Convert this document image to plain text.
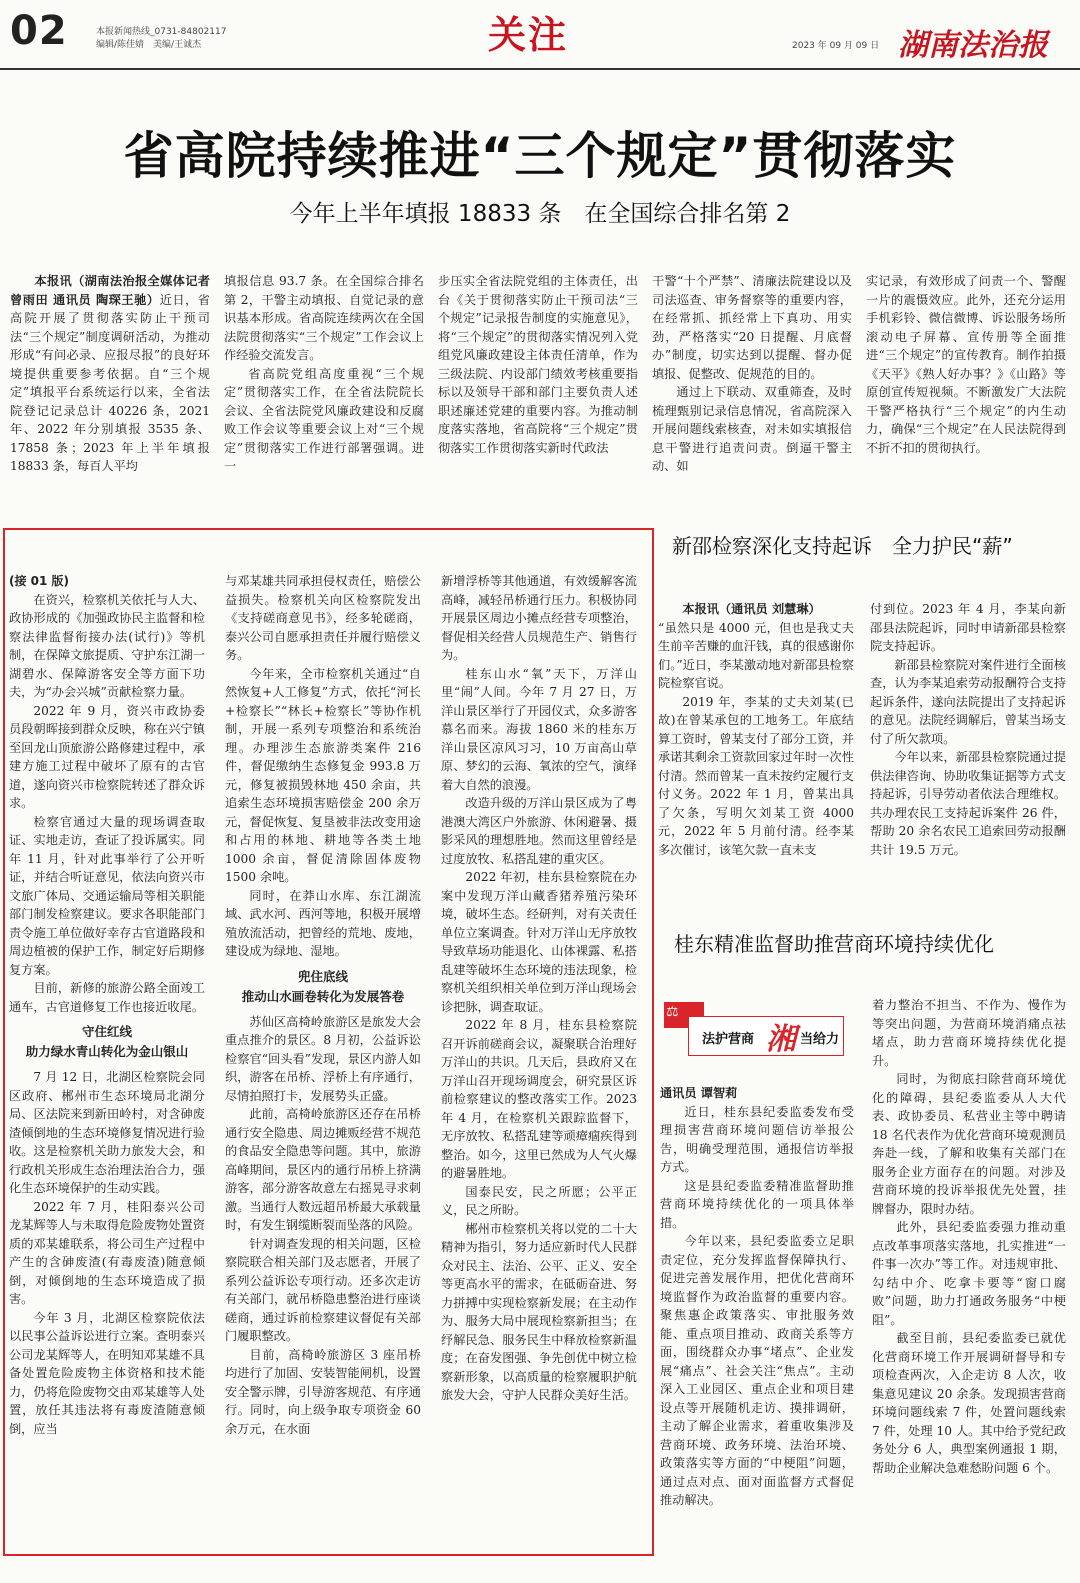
02	本报新闻热线_0731-84802117
编辑/陈佳婧　美编/王诚杰	关注	2023 年 09 月 09 日 湖南法治报
省高院持续推进“三个规定”贯彻落实
今年上半年填报 18833 条　在全国综合排名第 2

本报讯（湖南法治报全媒体记者 曾雨田 通讯员 陶琛王驰）近日，省高院开展了贯彻落实防止干预司法“三个规定”制度调研活动，为推动形成“有问必录、应报尽报”的良好环境提供重要参考依据。自“三个规定”填报平台系统运行以来，全省法院登记记录总计 40226 条，2021 年、2022 年分别填报 3535 条、17858 条；2023 年上半年填报 18833 条，每百人平均

填报信息 93.7 条。在全国综合排名第 2，干警主动填报、自觉记录的意识基本形成。省高院连续两次在全国法院贯彻落实“三个规定”工作会议上作经验交流发言。

省高院党组高度重视“三个规定”贯彻落实工作，在全省法院院长会议、全省法院党风廉政建设和反腐败工作会议等重要会议上对“三个规定”贯彻落实工作进行部署强调。进一

步压实全省法院党组的主体责任，出台《关于贯彻落实防止干预司法“三个规定”记录报告制度的实施意见》，将“三个规定”的贯彻落实情况列入党组党风廉政建设主体责任清单，作为三级法院、内设部门绩效考核重要指标以及领导干部和部门主要负责人述职述廉述党建的重要内容。为推动制度落实落地，省高院将“三个规定”贯彻落实工作贯彻落实新时代政法

干警“十个严禁”、清廉法院建设以及司法巡查、审务督察等的重要内容，在经常抓、抓经常上下真功、用实劲，严格落实“20 日提醒、月底督办”制度，切实达到以提醒、督办促填报、促整改、促规范的目的。

通过上下联动、双重筛查，及时梳理甄别记录信息情况，省高院深入开展问题线索核查，对未如实填报信息干警进行追责问责。倒逼干警主动、如

实记录，有效形成了问责一个、警醒一片的震慑效应。此外，还充分运用手机彩铃、微信微博、诉讼服务场所滚动电子屏幕、宣传册等全面推进“三个规定”的宣传教育。制作拍摄《天平》《熟人好办事？》《山路》等原创宣传短视频。不断激发广大法院干警严格执行“三个规定”的内生动力，确保“三个规定”在人民法院得到不折不扣的贯彻执行。

(接 01 版)

在资兴，检察机关依托与人大、政协形成的《加强政协民主监督和检察法律监督衔接办法(试行)》等机制，在保障文旅提质、守护东江湖一湖碧水、保障游客安全等方面下功夫，为“办会兴城”贡献检察力量。

2022 年 9 月，资兴市政协委员段朝晖接到群众反映，称在兴宁镇至回龙山顶旅游公路修建过程中，承建方施工过程中破坏了原有的古官道，遂向资兴市检察院转述了群众诉求。

检察官通过大量的现场调查取证、实地走访，查证了投诉属实。同年 11 月，针对此事举行了公开听证，并结合听证意见，依法向资兴市文旅广体局、交通运输局等相关职能部门制发检察建议。要求各职能部门责令施工单位做好幸存古官道路段和周边植被的保护工作，制定好后期修复方案。

目前，新修的旅游公路全面竣工通车，古官道修复工作也接近收尾。

守住红线

助力绿水青山转化为金山银山

7 月 12 日，北湖区检察院会同区政府、郴州市生态环境局北湖分局、区法院来到新田岭村，对含砷废渣倾倒地的生态环境修复情况进行验收。这是检察机关助力旅发大会，和行政机关形成生态治理法治合力，强化生态环境保护的生动实践。

2022 年 7 月，桂阳泰兴公司龙某辉等人与未取得危险废物处置资质的邓某雄联系，将公司生产过程中产生的含砷废渣(有毒废渣)随意倾倒，对倾倒地的生态环境造成了损害。

今年 3 月，北湖区检察院依法以民事公益诉讼进行立案。查明泰兴公司龙某辉等人，在明知邓某雄不具备处置危险废物主体资格和技术能力，仍将危险废物交由邓某雄等人处置，放任其违法将有毒废渣随意倾倒，应当

与邓某雄共同承担侵权责任，赔偿公益损失。检察机关向区检察院发出《支持磋商意见书》，经多轮磋商，泰兴公司自愿承担责任并履行赔偿义务。

今年来，全市检察机关通过“自然恢复+人工修复”方式，依托“河长+检察长”“林长+检察长”等协作机制，开展一系列专项整治和系统治理。办理涉生态旅游类案件 216 件，督促缴纳生态修复金 993.8 万元，修复被损毁林地 450 余亩，共追索生态环境损害赔偿金 200 余万元，督促恢复、复垦被非法改变用途和占用的林地、耕地等各类土地 1000 余亩，督促清除固体废物 1500 余吨。

同时，在莽山水库、东江湖流域、武水河、西河等地，积极开展增殖放流活动，把曾经的荒地、废地，建设成为绿地、湿地。

兜住底线

推动山水画卷转化为发展答卷

苏仙区高椅岭旅游区是旅发大会重点推介的景区。8 月初，公益诉讼检察官“回头看”发现，景区内游人如织，游客在吊桥、浮桥上有序通行，尽情拍照打卡，发展势头正盛。

此前，高椅岭旅游区还存在吊桥通行安全隐患、周边摊贩经营不规范的食品安全隐患等问题。其中，旅游高峰期间，景区内的通行吊桥上挤满游客，部分游客故意左右摇晃寻求刺激。当通行人数远超吊桥最大承载量时，有发生钢缆断裂而坠落的风险。

针对调查发现的相关问题，区检察院联合相关部门及志愿者，开展了系列公益诉讼专项行动。还多次走访有关部门，就吊桥隐患整治进行座谈磋商，通过诉前检察建议督促有关部门履职整改。

目前，高椅岭旅游区 3 座吊桥均进行了加固、安装智能闸机，设置安全警示牌，引导游客规范、有序通行。同时，向上级争取专项资金 60 余万元，在水面

新增浮桥等其他通道，有效缓解客流高峰，减轻吊桥通行压力。积极协同开展景区周边小摊点经营专项整治，督促相关经营人员规范生产、销售行为。

桂东山水“氧”天下，万洋山里“闹”人间。今年 7 月 27 日，万洋山景区举行了开园仪式，众多游客慕名而来。海拔 1860 米的桂东万洋山景区凉风习习，10 万亩高山草原、梦幻的云海、氧浓的空气，演绎着大自然的浪漫。

改造升级的万洋山景区成为了粤港澳大湾区户外旅游、休闲避暑、摄影采风的理想胜地。然而这里曾经是过度放牧、私搭乱建的重灾区。

2022 年初，桂东县检察院在办案中发现万洋山藏香猪养殖污染环境，破坏生态。经研判，对有关责任单位立案调查。针对万洋山无序放牧导致草场功能退化、山体裸露、私搭乱建等破坏生态环境的违法现象，检察机关组织相关单位到万洋山现场会诊把脉，调查取证。

2022 年 8 月，桂东县检察院召开诉前磋商会议，凝聚联合治理好万洋山的共识。几天后，县政府又在万洋山召开现场调度会，研究景区诉前检察建议的整改落实工作。2023 年 4 月，在检察机关跟踪监督下，无序放牧、私搭乱建等顽瘴痼疾得到整治。如今，这里已然成为人气火爆的避暑胜地。

国泰民安，民之所愿；公平正义，民之所盼。

郴州市检察机关将以党的二十大精神为指引，努力适应新时代人民群众对民主、法治、公平、正义、安全等更高水平的需求，在砥砺奋进、努力拼搏中实现检察新发展；在主动作为、服务大局中展现检察新担当；在纾解民急、服务民生中释放检察新温度；在奋发图强、争先创优中树立检察新形象，以高质量的检察履职护航旅发大会，守护人民群众美好生活。

新邵检察深化支持起诉　全力护民“薪”

本报讯（通讯员 刘慧琳）

“虽然只是 4000 元，但也是我丈夫生前辛苦赚的血汗钱，真的很感谢你们。”近日，李某激动地对新邵县检察院检察官说。

2019 年，李某的丈夫刘某(已故)在曾某承包的工地务工。年底结算工资时，曾某支付了部分工资，并承诺其剩余工资款回家过年时一次性付清。然而曾某一直未按约定履行支付义务。2022 年 1 月，曾某出具了欠条，写明欠刘某工资 4000 元，2022 年 5 月前付清。经李某多次催讨，该笔欠款一直未支

付到位。2023 年 4 月，李某向新邵县法院起诉，同时申请新邵县检察院支持起诉。

新邵县检察院对案件进行全面核查，认为李某追索劳动报酬符合支持起诉条件，遂向法院提出了支持起诉的意见。法院经调解后，曾某当场支付了所欠款项。

今年以来，新邵县检察院通过提供法律咨询、协助收集证据等方式支持起诉，引导劳动者依法合理维权。共办理农民工支持起诉案件 26 件，帮助 20 余名农民工追索回劳动报酬共计 19.5 万元。

桂东精准监督助推营商环境持续优化
⚖
法护营商 湘 当给力

通讯员 谭智莉

近日，桂东县纪委监委发布受理损害营商环境问题信访举报公告，明确受理范围，通报信访举报方式。

这是县纪委监委精准监督助推营商环境持续优化的一项具体举措。

今年以来，县纪委监委立足职责定位，充分发挥监督保障执行、促进完善发展作用，把优化营商环境监督作为政治监督的重要内容。聚焦惠企政策落实、审批服务效能、重点项目推动、政商关系等方面，围绕群众办事“堵点”、企业发展“痛点”、社会关注“焦点”。主动深入工业园区、重点企业和项目建设点等开展随机走访、摸排调研，主动了解企业需求，着重收集涉及营商环境、政务环境、法治环境、政策落实等方面的“中梗阻”问题，通过点对点、面对面监督方式督促推动解决。

着力整治不担当、不作为、慢作为等突出问题，为营商环境消痛点祛堵点，助力营商环境持续优化提升。

同时，为彻底扫除营商环境优化的障碍，县纪委监委从人大代表、政协委员、私营业主等中聘请 18 名代表作为优化营商环境观测员奔赴一线，了解和收集有关部门在服务企业方面存在的问题。对涉及营商环境的投诉举报优先处置，挂牌督办，限时办结。

此外，县纪委监委强力推动重点改革事项落实落地，扎实推进“一件事一次办”等工作。对违规审批、勾结中介、吃拿卡要等“窗口腐败”问题，助力打通政务服务“中梗阻”。

截至目前，县纪委监委已就优化营商环境工作开展调研督导和专项检查两次，入企走访 8 人次，收集意见建议 20 余条。发现损害营商环境问题线索 7 件，处置问题线索 7 件，处理 10 人。其中给予党纪政务处分 6 人，典型案例通报 1 期，帮助企业解决急难愁盼问题 6 个。
